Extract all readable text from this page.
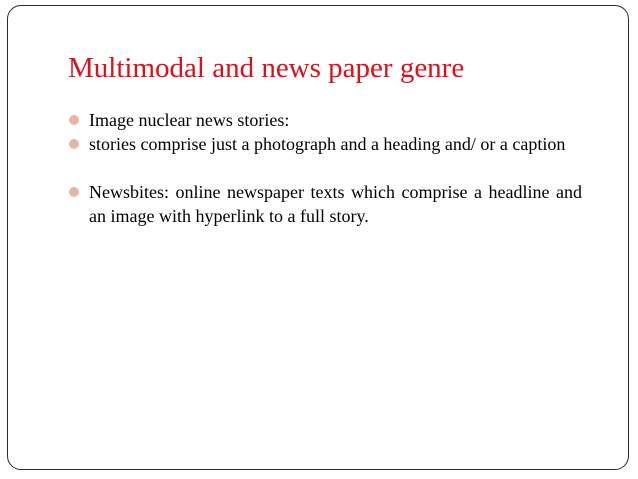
Multimodal and news paper genre
Image nuclear news stories:
stories comprise just a photograph and a heading and/ or a caption
Newsbites: online newspaper texts which comprise a headline and an image with hyperlink to a full story.
